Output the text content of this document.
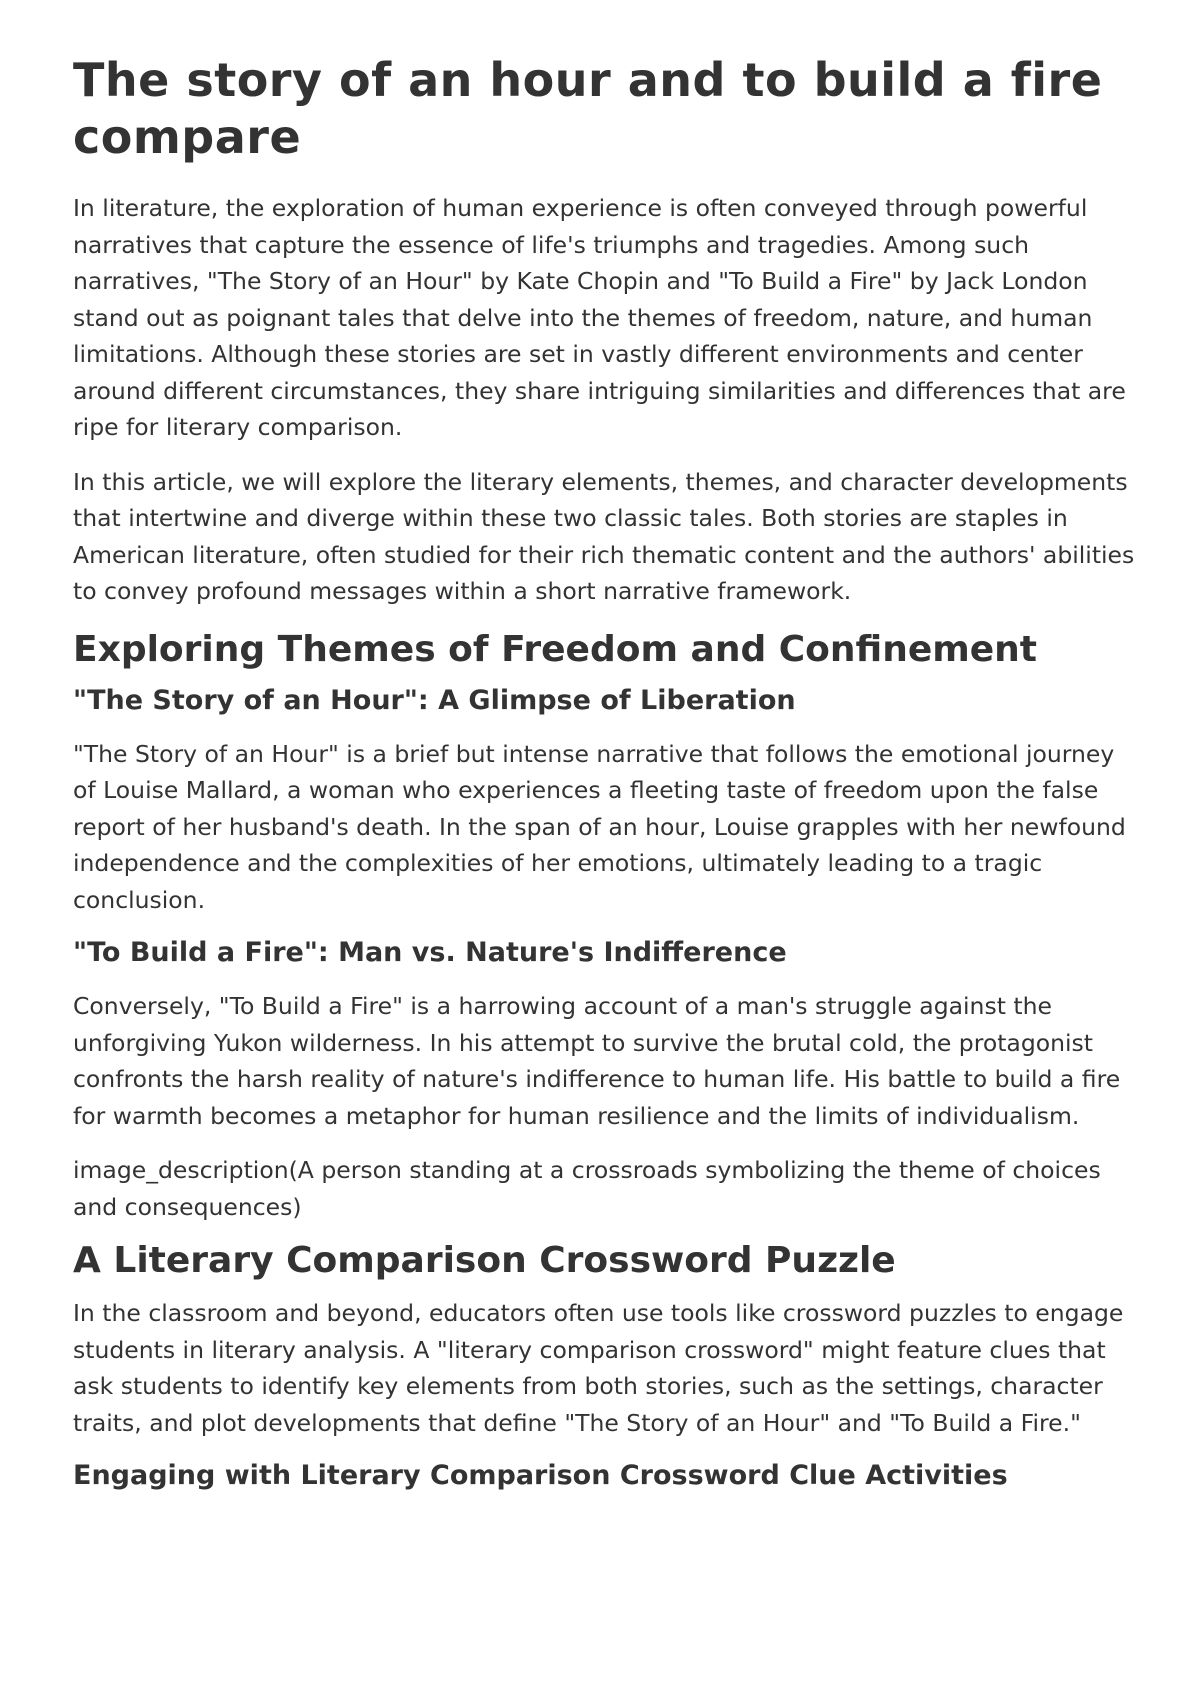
The story of an hour and to build a fire compare

In literature, the exploration of human experience is often conveyed through powerful narratives that capture the essence of life's triumphs and tragedies. Among such narratives, "The Story of an Hour" by Kate Chopin and "To Build a Fire" by Jack London stand out as poignant tales that delve into the themes of freedom, nature, and human limitations. Although these stories are set in vastly different environments and center around different circumstances, they share intriguing similarities and differences that are ripe for literary comparison.

In this article, we will explore the literary elements, themes, and character developments that intertwine and diverge within these two classic tales. Both stories are staples in American literature, often studied for their rich thematic content and the authors' abilities to convey profound messages within a short narrative framework.

Exploring Themes of Freedom and Confinement
"The Story of an Hour": A Glimpse of Liberation

"The Story of an Hour" is a brief but intense narrative that follows the emotional journey of Louise Mallard, a woman who experiences a fleeting taste of freedom upon the false report of her husband's death. In the span of an hour, Louise grapples with her newfound independence and the complexities of her emotions, ultimately leading to a tragic conclusion.

"To Build a Fire": Man vs. Nature's Indifference

Conversely, "To Build a Fire" is a harrowing account of a man's struggle against the unforgiving Yukon wilderness. In his attempt to survive the brutal cold, the protagonist confronts the harsh reality of nature's indifference to human life. His battle to build a fire for warmth becomes a metaphor for human resilience and the limits of individualism.

image_description(A person standing at a crossroads symbolizing the theme of choices and consequences)

A Literary Comparison Crossword Puzzle

In the classroom and beyond, educators often use tools like crossword puzzles to engage students in literary analysis. A "literary comparison crossword" might feature clues that ask students to identify key elements from both stories, such as the settings, character traits, and plot developments that define "The Story of an Hour" and "To Build a Fire."

Engaging with Literary Comparison Crossword Clue Activities
